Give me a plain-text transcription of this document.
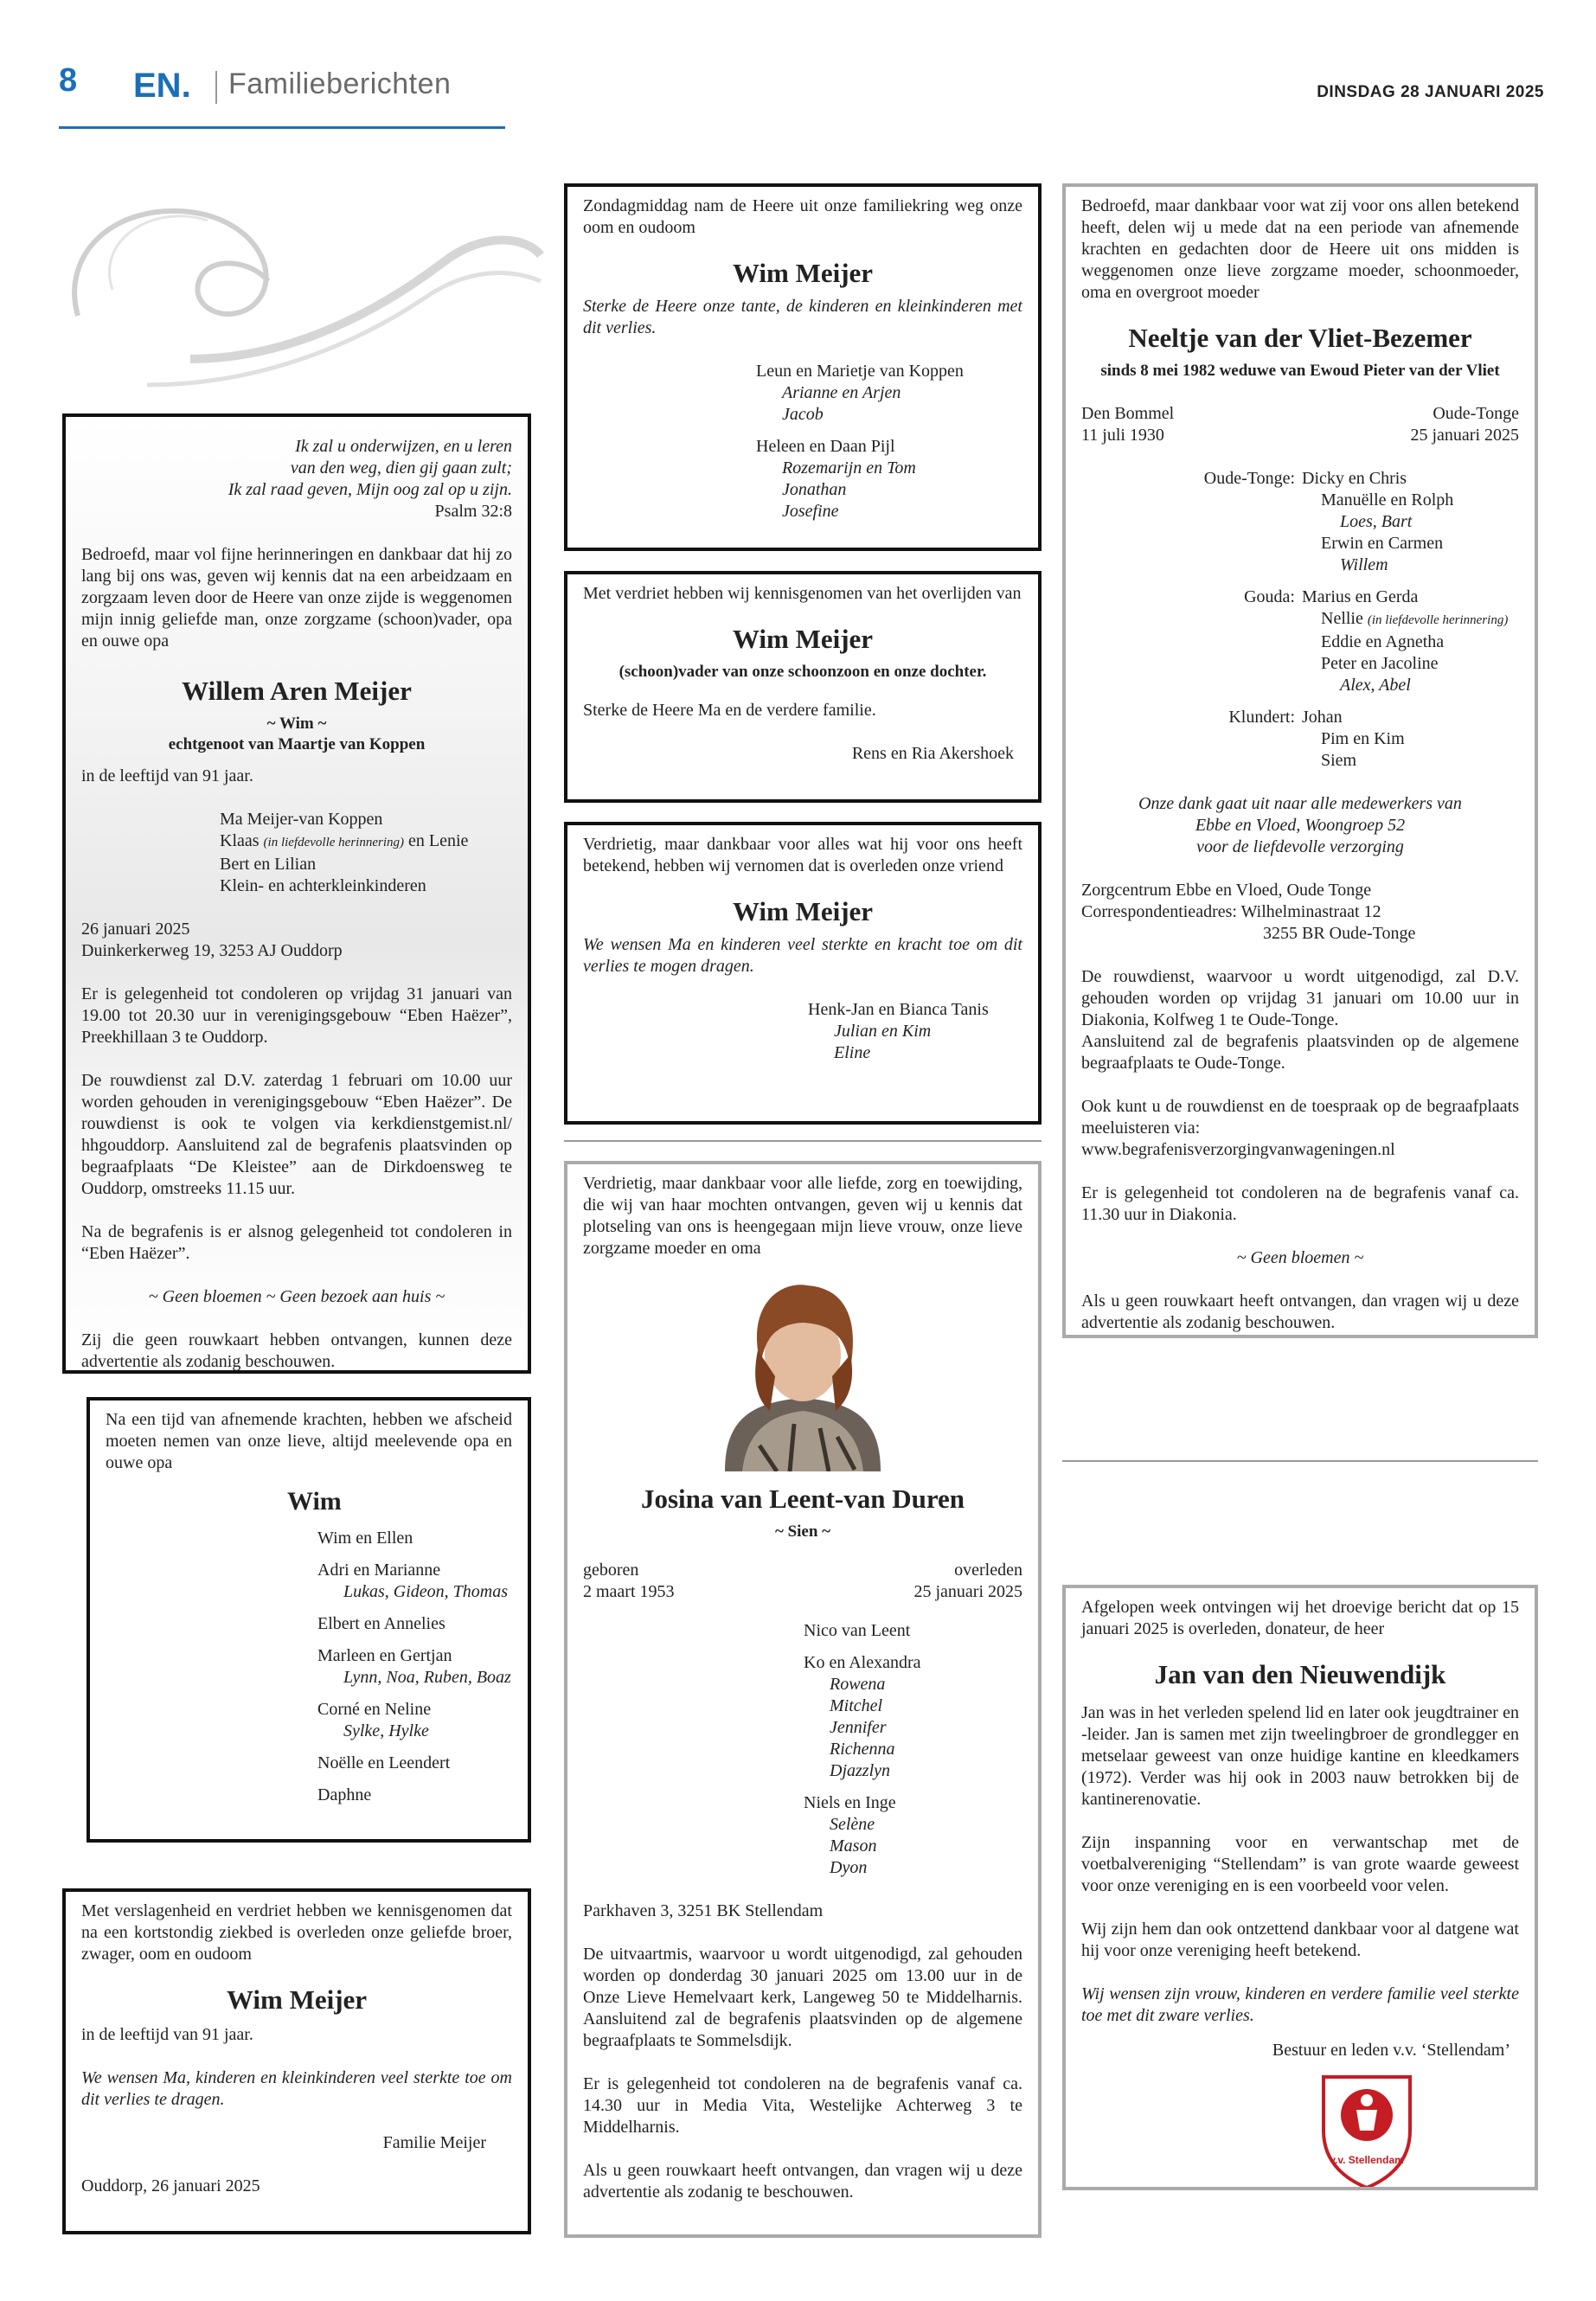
8 EN. Familieberichten	DINSDAG 28 JANUARI 2025
Ik zal u onderwijzen, en u leren
van den weg, dien gij gaan zult;
Ik zal raad geven, Mijn oog zal op u zijn.
Psalm 32:8

Bedroefd, maar vol fijne herinneringen en dankbaar dat hij zo lang bij ons was, geven wij kennis dat na een arbeidzaam en zorgzaam leven door de Heere van onze zijde is weggenomen mijn innig geliefde man, onze zorgzame (schoon)vader, opa en ouwe opa

Willem Aren Meijer
~ Wim ~
echtgenoot van Maartje van Koppen

in de leeftijd van 91 jaar.

Ma Meijer-van Koppen
Klaas (in liefdevolle herinnering) en Lenie
Bert en Lilian
Klein- en achterkleinkinderen
26 januari 2025

Duinkerkerweg 19, 3253 AJ Ouddorp

Er is gelegenheid tot condoleren op vrijdag 31 januari van 19.00 tot 20.30 uur in verenigingsgebouw “Eben Haëzer”, Preekhillaan 3 te Ouddorp.

De rouwdienst zal D.V. zaterdag 1 februari om 10.00 uur worden gehouden in verenigingsgebouw “Eben Haëzer”. De rouwdienst is ook te volgen via kerkdienstgemist.nl/ hhgouddorp. Aansluitend zal de begrafenis plaatsvinden op begraafplaats “De Kleistee” aan de Dirkdoensweg te Ouddorp, omstreeks 11.15 uur.

Na de begrafenis is er alsnog gelegenheid tot condoleren in “Eben Haëzer”.

~ Geen bloemen ~ Geen bezoek aan huis ~

Zij die geen rouwkaart hebben ontvangen, kunnen deze advertentie als zodanig beschouwen.

Na een tijd van afnemende krachten, hebben we afscheid moeten nemen van onze lieve, altijd meelevende opa en ouwe opa

Wim
Wim en Ellen
Adri en Marianne
Lukas, Gideon, Thomas
Elbert en Annelies
Marleen en Gertjan
Lynn, Noa, Ruben, Boaz
Corné en Neline
Sylke, Hylke
Noëlle en Leendert
Daphne

Met verslagenheid en verdriet hebben we kennisgenomen dat na een kortstondig ziekbed is overleden onze geliefde broer, zwager, oom en oudoom

Wim Meijer

in de leeftijd van 91 jaar.

We wensen Ma, kinderen en kleinkinderen veel sterkte toe om dit verlies te dragen.

Familie Meijer

Ouddorp, 26 januari 2025

Zondagmiddag nam de Heere uit onze familiekring weg onze oom en oudoom

Wim Meijer

Sterke de Heere onze tante, de kinderen en kleinkinderen met dit verlies.

Leun en Marietje van Koppen
Arianne en Arjen
Jacob
Heleen en Daan Pijl
Rozemarijn en Tom
Jonathan
Josefine

Met verdriet hebben wij kennisgenomen van het overlijden van

Wim Meijer
(schoon)vader van onze schoonzoon en onze dochter.

Sterke de Heere Ma en de verdere familie.

Rens en Ria Akershoek

Verdrietig, maar dankbaar voor alles wat hij voor ons heeft betekend, hebben wij vernomen dat is overleden onze vriend

Wim Meijer

We wensen Ma en kinderen veel sterkte en kracht toe om dit verlies te mogen dragen.

Henk-Jan en Bianca Tanis
Julian en Kim
Eline

Verdrietig, maar dankbaar voor alle liefde, zorg en toewijding, die wij van haar mochten ontvangen, geven wij u kennis dat plotseling van ons is heengegaan mijn lieve vrouw, onze lieve zorgzame moeder en oma

Josina van Leent-van Duren
~ Sien ~
geboren	overleden
2 maart 1953	25 januari 2025
Nico van Leent
Ko en Alexandra
Rowena
Mitchel
Jennifer
Richenna
Djazzlyn
Niels en Inge
Selène
Mason
Dyon

Parkhaven 3, 3251 BK Stellendam

De uitvaartmis, waarvoor u wordt uitgenodigd, zal gehouden worden op donderdag 30 januari 2025 om 13.00 uur in de Onze Lieve Hemelvaart kerk, Langeweg 50 te Middelharnis. Aansluitend zal de begrafenis plaatsvinden op de algemene begraafplaats te Sommelsdijk.

Er is gelegenheid tot condoleren na de begrafenis vanaf ca. 14.30 uur in Media Vita, Westelijke Achterweg 3 te Middelharnis.

Als u geen rouwkaart heeft ontvangen, dan vragen wij u deze advertentie als zodanig te beschouwen.

Bedroefd, maar dankbaar voor wat zij voor ons allen betekend heeft, delen wij u mede dat na een periode van afnemende krachten en gedachten door de Heere uit ons midden is weggenomen onze lieve zorgzame moeder, schoonmoeder, oma en overgroot moeder

Neeltje van der Vliet-Bezemer
sinds 8 mei 1982 weduwe van Ewoud Pieter van der Vliet
Den Bommel	Oude-Tonge
11 juli 1930	25 januari 2025
Oude-Tonge: Dicky en Chris
Manuëlle en Rolph
Loes, Bart
Erwin en Carmen
Willem
Gouda: Marius en Gerda
Nellie (in liefdevolle herinnering)
Eddie en Agnetha
Peter en Jacoline
Alex, Abel
Klundert: Johan
Pim en Kim
Siem
Onze dank gaat uit naar alle medewerkers van
Ebbe en Vloed, Woongroep 52
voor de liefdevolle verzorging
Zorgcentrum Ebbe en Vloed, Oude Tonge
Correspondentieadres: Wilhelminastraat 12
3255 BR Oude-Tonge
De rouwdienst, waarvoor u wordt uitgenodigd, zal D.V. gehouden worden op vrijdag 31 januari om 10.00 uur in Diakonia, Kolfweg 1 te Oude-Tonge.

Aansluitend zal de begrafenis plaatsvinden op de algemene begraafplaats te Oude-Tonge.

Ook kunt u de rouwdienst en de toespraak op de begraafplaats meeluisteren via:

www.begrafenisverzorgingvanwageningen.nl

Er is gelegenheid tot condoleren na de begrafenis vanaf ca. 11.30 uur in Diakonia.

~ Geen bloemen ~

Als u geen rouwkaart heeft ontvangen, dan vragen wij u deze advertentie als zodanig beschouwen.

Afgelopen week ontvingen wij het droevige bericht dat op 15 januari 2025 is overleden, donateur, de heer

Jan van den Nieuwendijk

Jan was in het verleden spelend lid en later ook jeugdtrainer en -leider. Jan is samen met zijn tweelingbroer de grondlegger en metselaar geweest van onze huidige kantine en kleedkamers (1972). Verder was hij ook in 2003 nauw betrokken bij de kantinerenovatie.

Zijn inspanning voor en verwantschap met de voetbalvereniging “Stellendam” is van grote waarde geweest voor onze vereniging en is een voorbeeld voor velen.

Wij zijn hem dan ook ontzettend dankbaar voor al datgene wat hij voor onze vereniging heeft betekend.

Wij wensen zijn vrouw, kinderen en verdere familie veel sterkte toe met dit zware verlies.

Bestuur en leden v.v. ‘Stellendam’
v.v. Stellendam
